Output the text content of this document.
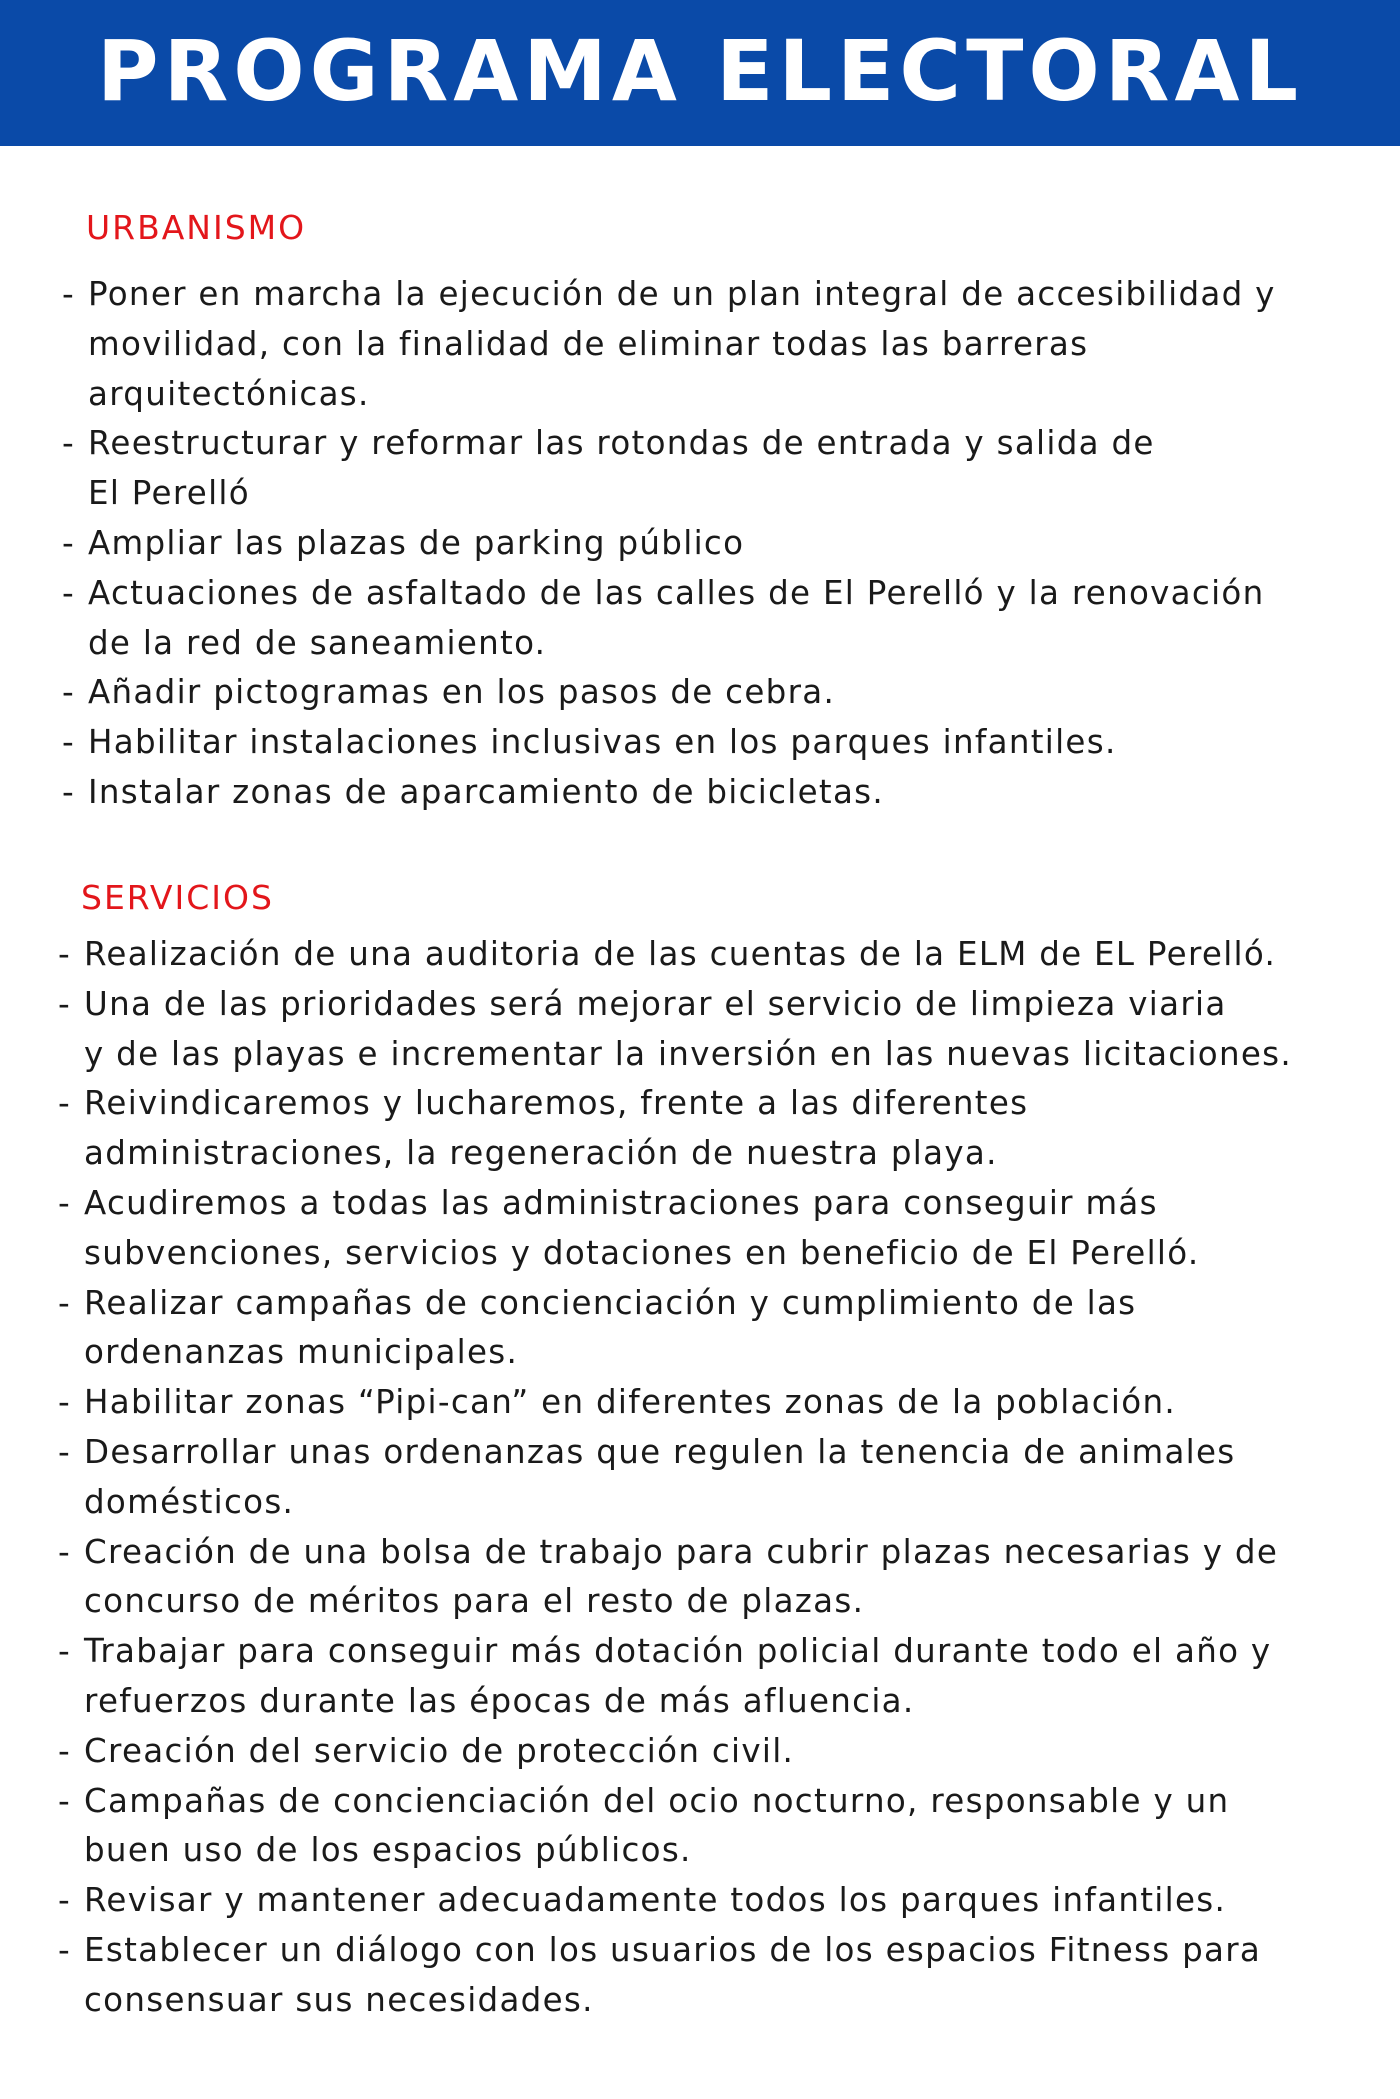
PROGRAMA ELECTORAL
URBANISMO
- Poner en marcha la ejecución de un plan integral de accesibilidad y
movilidad, con la finalidad de eliminar todas las barreras
arquitectónicas.
- Reestructurar y reformar las rotondas de entrada y salida de
El Perelló
- Ampliar las plazas de parking público
- Actuaciones de asfaltado de las calles de El Perelló y la renovación
de la red de saneamiento.
- Añadir pictogramas en los pasos de cebra.
- Habilitar instalaciones inclusivas en los parques infantiles.
- Instalar zonas de aparcamiento de bicicletas.
SERVICIOS
- Realización de una auditoria de las cuentas de la ELM de EL Perelló.
- Una de las prioridades será mejorar el servicio de limpieza viaria
y de las playas e incrementar la inversión en las nuevas licitaciones.
- Reivindicaremos y lucharemos, frente a las diferentes
administraciones, la regeneración de nuestra playa.
- Acudiremos a todas las administraciones para conseguir más
subvenciones, servicios y dotaciones en beneficio de El Perelló.
- Realizar campañas de concienciación y cumplimiento de las
ordenanzas municipales.
- Habilitar zonas “Pipi-can” en diferentes zonas de la población.
- Desarrollar unas ordenanzas que regulen la tenencia de animales
domésticos.
- Creación de una bolsa de trabajo para cubrir plazas necesarias y de
concurso de méritos para el resto de plazas.
- Trabajar para conseguir más dotación policial durante todo el año y
refuerzos durante las épocas de más afluencia.
- Creación del servicio de protección civil.
- Campañas de concienciación del ocio nocturno, responsable y un
buen uso de los espacios públicos.
- Revisar y mantener adecuadamente todos los parques infantiles.
- Establecer un diálogo con los usuarios de los espacios Fitness para
consensuar sus necesidades.
